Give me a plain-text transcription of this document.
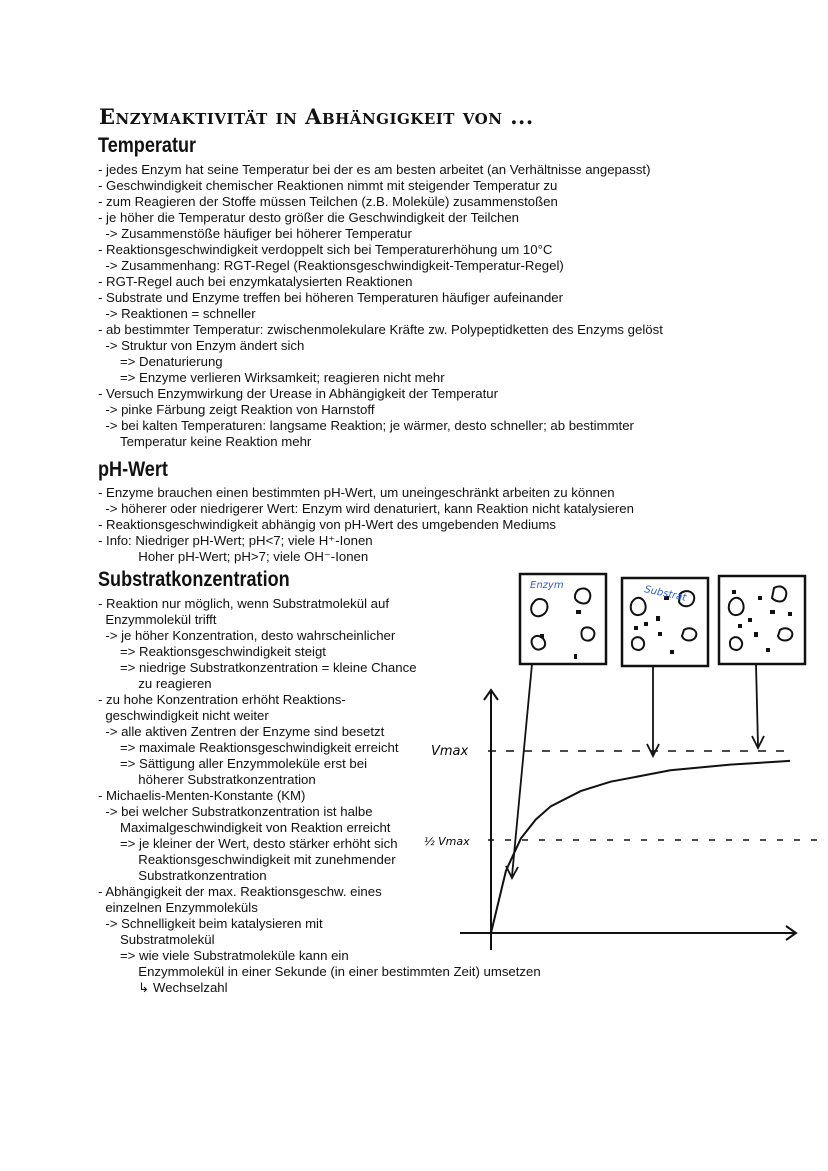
Enzymaktivität in Abhängigkeit von ...
Temperatur
- jedes Enzym hat seine Temperatur bei der es am besten arbeitet (an Verhältnisse angepasst)
- Geschwindigkeit chemischer Reaktionen nimmt mit steigender Temperatur zu
- zum Reagieren der Stoffe müssen Teilchen (z.B. Moleküle) zusammenstoßen
- je höher die Temperatur desto größer die Geschwindigkeit der Teilchen
-> Zusammenstöße häufiger bei höherer Temperatur
- Reaktionsgeschwindigkeit verdoppelt sich bei Temperaturerhöhung um 10°C
-> Zusammenhang: RGT-Regel (Reaktionsgeschwindigkeit-Temperatur-Regel)
- RGT-Regel auch bei enzymkatalysierten Reaktionen
- Substrate und Enzyme treffen bei höheren Temperaturen häufiger aufeinander
-> Reaktionen = schneller
- ab bestimmter Temperatur: zwischenmolekulare Kräfte zw. Polypeptidketten des Enzyms gelöst
-> Struktur von Enzym ändert sich
=> Denaturierung
=> Enzyme verlieren Wirksamkeit; reagieren nicht mehr
- Versuch Enzymwirkung der Urease in Abhängigkeit der Temperatur
-> pinke Färbung zeigt Reaktion von Harnstoff
-> bei kalten Temperaturen: langsame Reaktion; je wärmer, desto schneller; ab bestimmter
Temperatur keine Reaktion mehr
pH-Wert
- Enzyme brauchen einen bestimmten pH-Wert, um uneingeschränkt arbeiten zu können
-> höherer oder niedrigerer Wert: Enzym wird denaturiert, kann Reaktion nicht katalysieren
- Reaktionsgeschwindigkeit abhängig von pH-Wert des umgebenden Mediums
- Info: Niedriger pH-Wert; pH<7; viele H⁺-Ionen
Hoher pH-Wert; pH>7; viele OH⁻-Ionen
Substratkonzentration
- Reaktion nur möglich, wenn Substratmolekül auf
Enzymmolekül trifft
-> je höher Konzentration, desto wahrscheinlicher
=> Reaktionsgeschwindigkeit steigt
=> niedrige Substratkonzentration = kleine Chance
zu reagieren
- zu hohe Konzentration erhöht Reaktions-
geschwindigkeit nicht weiter
-> alle aktiven Zentren der Enzyme sind besetzt
=> maximale Reaktionsgeschwindigkeit erreicht
=> Sättigung aller Enzymmoleküle erst bei
höherer Substratkonzentration
- Michaelis-Menten-Konstante (KM)
-> bei welcher Substratkonzentration ist halbe
Maximalgeschwindigkeit von Reaktion erreicht
=> je kleiner der Wert, desto stärker erhöht sich
Reaktionsgeschwindigkeit mit zunehmender
Substratkonzentration
- Abhängigkeit der max. Reaktionsgeschw. eines
einzelnen Enzymmoleküls
-> Schnelligkeit beim katalysieren mit
Substratmolekül
=> wie viele Substratmoleküle kann ein
Enzymmolekül in einer Sekunde (in einer bestimmten Zeit) umsetzen
↳ Wechselzahl
Enzym	Substrat
Vmax
½ Vmax
